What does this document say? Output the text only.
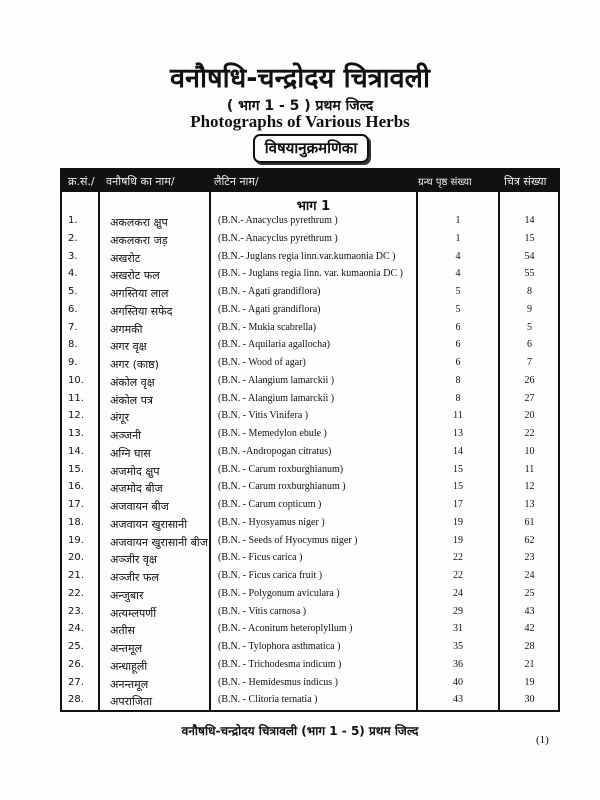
वनौषधि-चन्द्रोदय चित्रावली
( भाग 1 - 5 ) प्रथम जिल्द
Photographs of Various Herbs
विषयानुक्रमणिका
क्र.सं./ वनौषधि का नाम/	लैटिन नाम/	ग्रन्थ पृष्ठ संख्या	चित्र संख्या
भाग 1
1.	अकलकरा क्षुप	(B.N.- Anacyclus pyrethrum )	1	14
2.	अकलकरा जड़	(B.N.- Anacyclus pyrethrum )	1	15
3.	अखरोट	(B.N.- Juglans regia linn.var.kumaonia DC )	4	54
4.	अखरोट फल	(B.N. - Juglans regia linn. var. kumaonia DC )	4	55
5.	अगस्तिया लाल	(B.N. - Agati grandiflora)	5	8
6.	अगस्तिया सफेद	(B.N. - Agati grandiflora)	5	9
7.	अगमकी	(B.N. - Mukia scabrella)	6	5
8.	अगर वृक्ष	(B.N. - Aquilaria agallocha)	6	6
9.	अगर (काष्ठ)	(B.N. - Wood of agar)	6	7
10. अंकोल वृक्ष	(B.N. - Alangium lamarckii )	8	26
11. अंकोल पत्र	(B.N. - Alangium lamarckii )	8	27
12. अंगूर	(B.N. - Vitis Vinifera )	11	20
13. अञ्जनी	(B.N. - Memedylon ebule )	13	22
14. अग्नि घास	(B.N. -Andropogan citratus)	14	10
15. अजमोद क्षुप	(B.N. - Carum roxburghianum)	15	11
16. अजमोद बीज	(B.N. - Carum roxburghianum )	15	12
17. अजवायन बीज	(B.N. - Carum copticum )	17	13
18. अजवायन खुरासानी	(B.N. - Hyosyamus niger )	19	61
19. अजवायन खुरासानी बीज (B.N. - Seeds of Hyocymus niger )	19	62
20. अञ्जीर वृक्ष	(B.N. - Ficus carica )	22	23
21. अञ्जीर फल	(B.N. - Ficus carica fruit )	22	24
22. अन्जुबार	(B.N. - Polygonum aviculara )	24	25
23. अत्यम्लपर्णी	(B.N. - Vitis carnosa )	29	43
24. अतीस	(B.N. - Aconitum heteroplyllum )	31	42
25. अन्तमूल	(B.N. - Tylophora asthmatica )	35	28
26. अन्धाहूली	(B.N. - Trichodesma indicum )	36	21
27. अनन्तमूल	(B.N. - Hemidesmus indicus )	40	19
28. अपराजिता	(B.N. - Clitoria ternatia )	43	30
वनौषधि-चन्द्रोदय चित्रावली (भाग 1 - 5) प्रथम जिल्द
(1)
